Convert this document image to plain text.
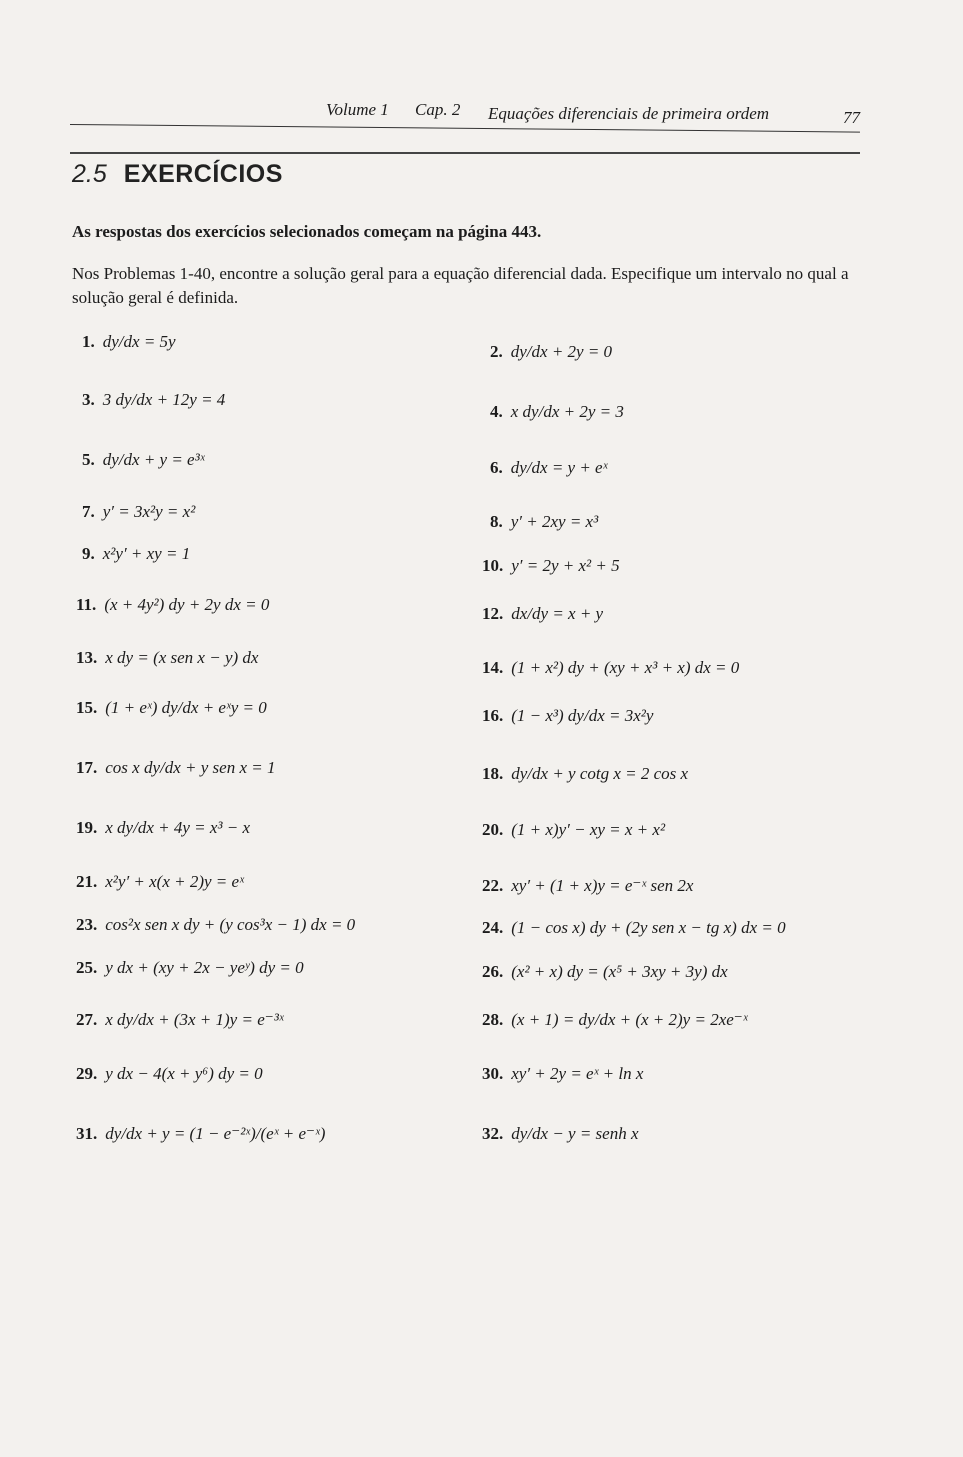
Volume 1 Cap. 2 Equações diferenciais de primeira ordem	77
2.5 EXERCÍCIOS
As respostas dos exercícios selecionados começam na página 443.
Nos Problemas 1-40, encontre a solução geral para a equação diferencial dada. Especifique um intervalo no qual a solução geral é definida.
1. dy/dx = 5y
3. 3 dy/dx + 12y = 4
5. dy/dx + y = e³ˣ
7. y′ = 3x²y = x²
9. x²y′ + xy = 1
11. (x + 4y²) dy + 2y dx = 0
13. x dy = (x sen x − y) dx
15. (1 + eˣ) dy/dx + eˣy = 0
17. cos x dy/dx + y sen x = 1
19. x dy/dx + 4y = x³ − x
21. x²y′ + x(x + 2)y = eˣ
23. cos²x sen x dy + (y cos³x − 1) dx = 0
25. y dx + (xy + 2x − yeʸ) dy = 0
27. x dy/dx + (3x + 1)y = e⁻³ˣ
29. y dx − 4(x + y⁶) dy = 0
31. dy/dx + y = (1 − e⁻²ˣ)/(eˣ + e⁻ˣ)
2. dy/dx + 2y = 0
4. x dy/dx + 2y = 3
6. dy/dx = y + eˣ
8. y′ + 2xy = x³
10. y′ = 2y + x² + 5
12. dx/dy = x + y
14. (1 + x²) dy + (xy + x³ + x) dx = 0
16. (1 − x³) dy/dx = 3x²y
18. dy/dx + y cotg x = 2 cos x
20. (1 + x)y′ − xy = x + x²
22. xy′ + (1 + x)y = e⁻ˣ sen 2x
24. (1 − cos x) dy + (2y sen x − tg x) dx = 0
26. (x² + x) dy = (x⁵ + 3xy + 3y) dx
28. (x + 1) = dy/dx + (x + 2)y = 2xe⁻ˣ
30. xy′ + 2y = eˣ + ln x
32. dy/dx − y = senh x
